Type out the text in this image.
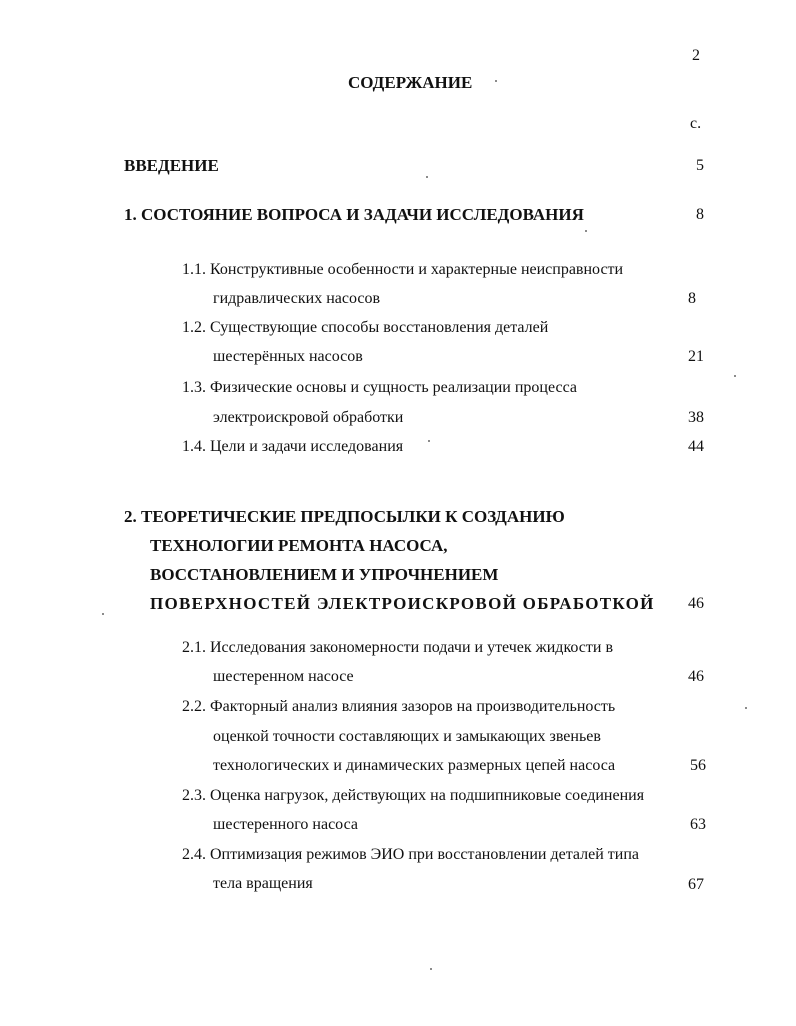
2
СОДЕРЖАНИЕ
с.
ВВЕДЕНИЕ	5
1. СОСТОЯНИЕ ВОПРОСА И ЗАДАЧИ ИССЛЕДОВАНИЯ	8
1.1. Конструктивные особенности и характерные неисправности
гидравлических насосов	8
1.2. Существующие способы восстановления деталей
шестерённых насосов	21
1.3. Физические основы и сущность реализации процесса
электроискровой обработки	38
1.4. Цели и задачи исследования	44
2. ТЕОРЕТИЧЕСКИЕ ПРЕДПОСЫЛКИ К СОЗДАНИЮ
ТЕХНОЛОГИИ РЕМОНТА НАСОСА,
ВОССТАНОВЛЕНИЕМ И УПРОЧНЕНИЕМ
ПОВЕРХНОСТЕЙ ЭЛЕКТРОИСКРОВОЙ ОБРАБОТКОЙ	46
2.1. Исследования закономерности подачи и утечек жидкости в
шестеренном насосе	46
2.2. Факторный анализ влияния зазоров на производительность
оценкой точности составляющих и замыкающих звеньев
технологических и динамических размерных цепей насоса	56
2.3. Оценка нагрузок, действующих на подшипниковые соединения
шестеренного насоса	63
2.4. Оптимизация режимов ЭИО при восстановлении деталей типа
тела вращения	67
